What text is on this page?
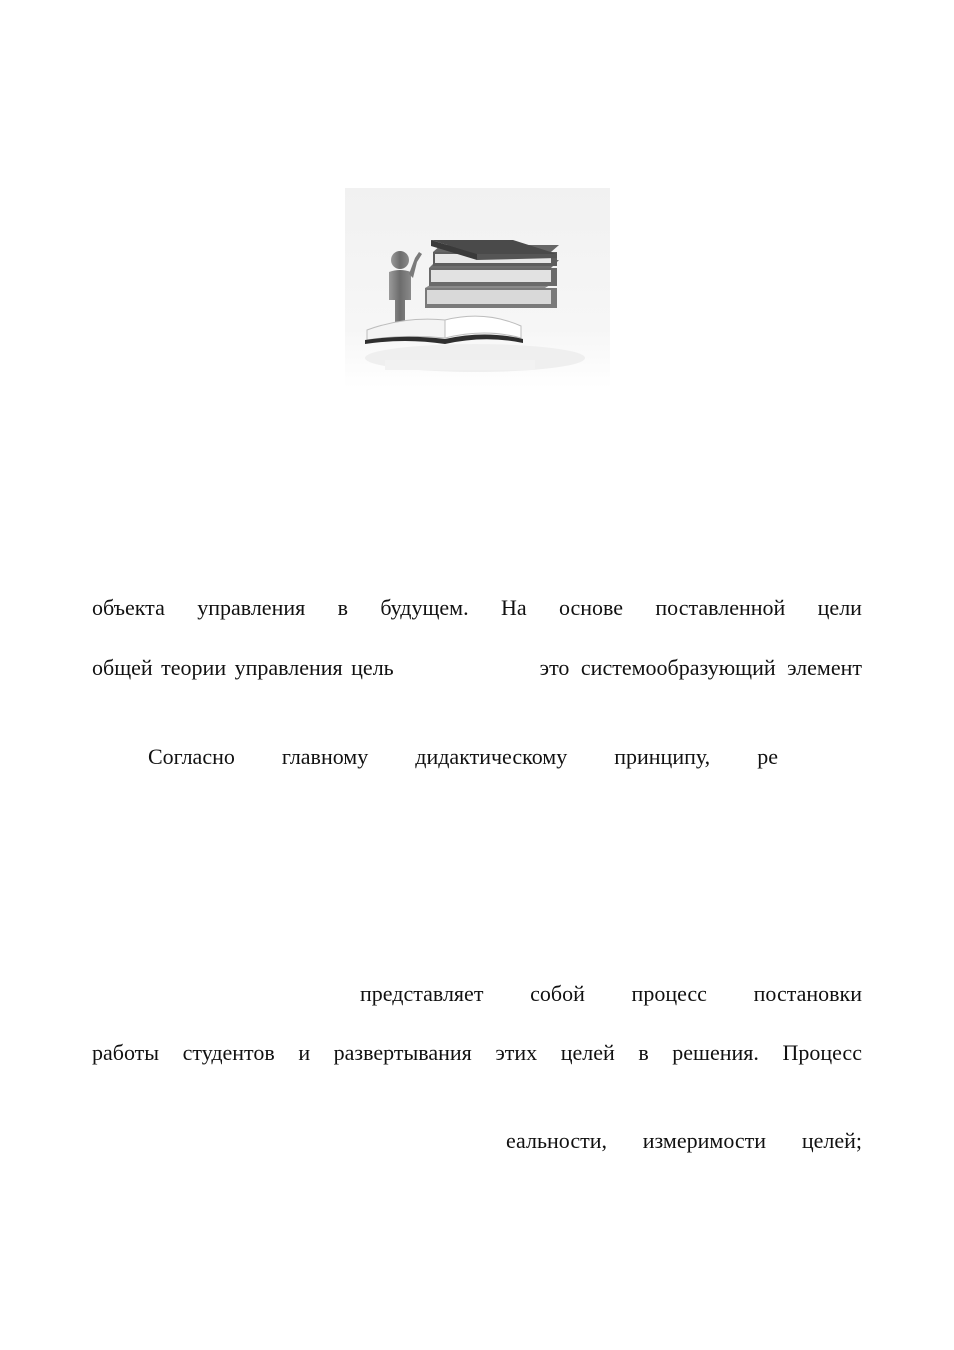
объекта управления в будущем. На основе поставленной цели
общей теории управления цель	это системообразующий элемент
Согласно главному дидактическому принципу, ре
представляет собой процесс постановки
работы студентов и развертывания этих целей в решения. Процесс
еальности, измеримости целей;
